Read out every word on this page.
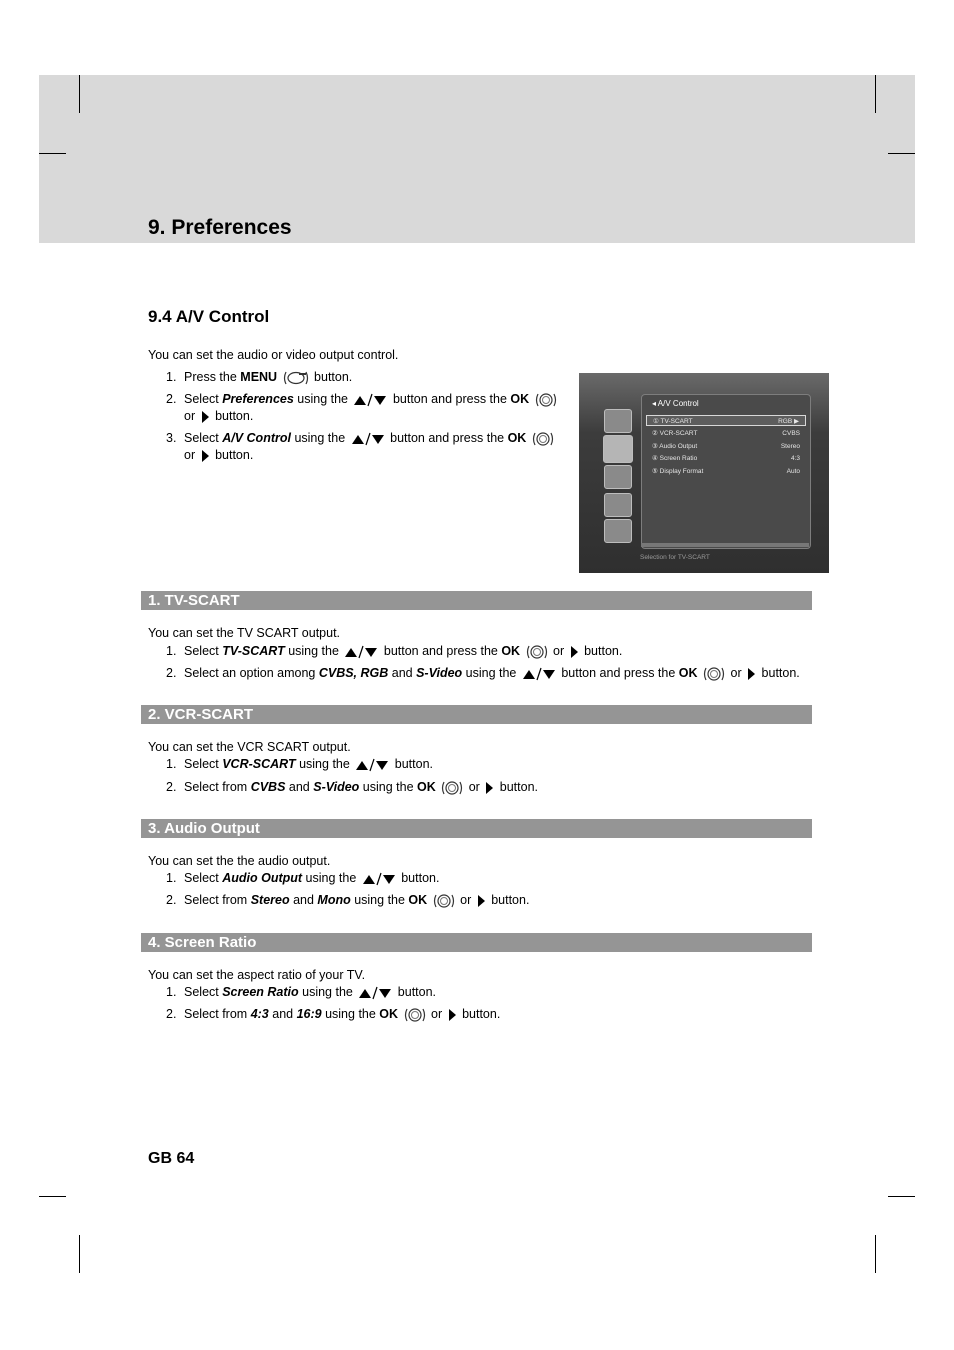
9. Preferences
9.4 A/V Control
You can set the audio or video output control.
1. Press the MENU	button.
2. Select Preferences using the	button and press the OK
or  button.
3. Select A/V Control using the	button and press the OK
or  button.
◂ A/V Control
① TV-SCART	RGB ▶
② VCR-SCART	CVBS
③ Audio Output	Stereo
④ Screen Ratio	4:3
⑤ Display Format	Auto
Selection for TV-SCART
1. TV-SCART
You can set the TV SCART output.
1. Select TV-SCART using the	button and press the OK  or  button.
2. Select an option among CVBS, RGB and S-Video using the	button and press the OK  or  button.
2. VCR-SCART
You can set the VCR SCART output.
1. Select VCR-SCART using the	button.
2. Select from CVBS and S-Video using the OK  or  button.
3. Audio Output
You can set the the audio output.
1. Select Audio Output using the	button.
2. Select from Stereo and Mono using the OK  or  button.
4. Screen Ratio
You can set the aspect ratio of your TV.
1. Select Screen Ratio using the	button.
2. Select from 4:3 and 16:9 using the OK  or  button.
GB 64
